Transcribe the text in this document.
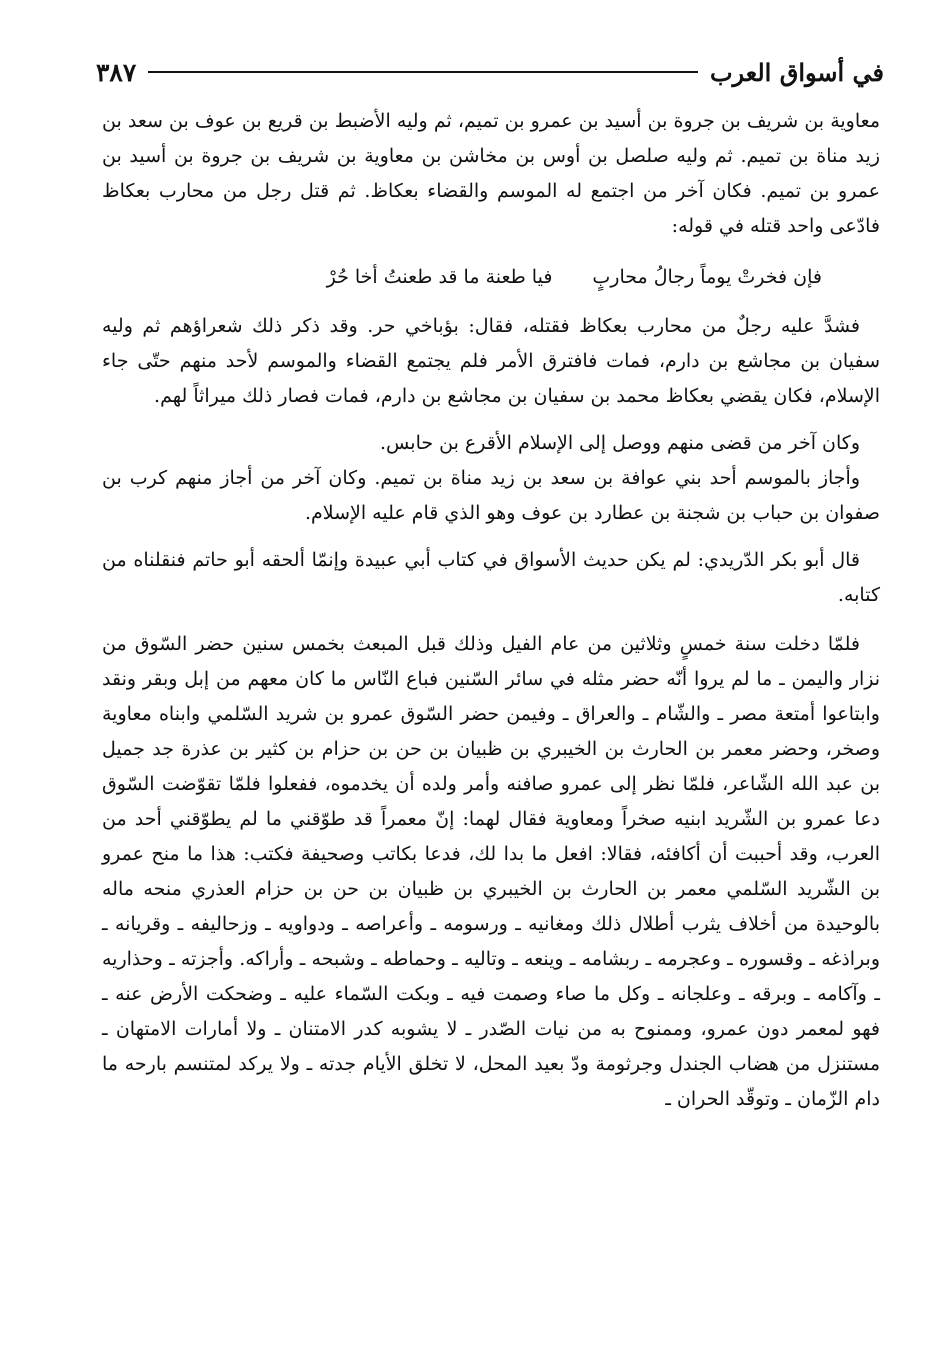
٣٨٧	في أسواق العرب

معاوية بن شريف بن جروة بن أسيد بن عمرو بن تميم، ثم وليه الأضبط بن قريع بن عوف بن سعد بن زيد مناة بن تميم. ثم وليه صلصل بن أوس بن مخاشن بن معاوية بن شريف بن جروة بن أسيد بن عمرو بن تميم. فكان آخر من اجتمع له الموسم والقضاء بعكاظ. ثم قتل رجل من محارب بعكاظ فادّعى واحد قتله في قوله:

فإن فخرتْ يوماً رجالُ محاربٍ
فيا طعنة ما قد طعنتُ أخا حُرْ

فشدَّ عليه رجلٌ من محارب بعكاظ فقتله، فقال: بؤباخي حر. وقد ذكر ذلك شعراؤهم ثم وليه سفيان بن مجاشع بن دارم، فمات فافترق الأمر فلم يجتمع القضاء والموسم لأحد منهم حتّى جاء الإسلام، فكان يقضي بعكاظ محمد بن سفيان بن مجاشع بن دارم، فمات فصار ذلك ميراثاً لهم.

وكان آخر من قضى منهم ووصل إلى الإسلام الأقرع بن حابس.

وأجاز بالموسم أحد بني عوافة بن سعد بن زيد مناة بن تميم. وكان آخر من أجاز منهم كرب بن صفوان بن حباب بن شجنة بن عطارد بن عوف وهو الذي قام عليه الإسلام.

قال أبو بكر الدّريدي: لم يكن حديث الأسواق في كتاب أبي عبيدة وإنمّا ألحقه أبو حاتم فنقلناه من كتابه.

فلمّا دخلت سنة خمسٍ وثلاثين من عام الفيل وذلك قبل المبعث بخمس سنين حضر السّوق من نزار واليمن ـ ما لم يروا أنّه حضر مثله في سائر السّنين فباع النّاس ما كان معهم من إبل وبقر ونقد وابتاعوا أمتعة مصر ـ والشّام ـ والعراق ـ وفيمن حضر السّوق عمرو بن شريد السّلمي وابناه معاوية وصخر، وحضر معمر بن الحارث بن الخيبري بن ظبيان بن حن بن حزام بن كثير بن عذرة جد جميل بن عبد الله الشّاعر، فلمّا نظر إلى عمرو صافنه وأمر ولده أن يخدموه، ففعلوا فلمّا تقوّضت السّوق دعا عمرو بن الشّريد ابنيه صخراً ومعاوية فقال لهما: إنّ معمراً قد طوّقني ما لم يطوّقني أحد من العرب، وقد أحببت أن أكافئه، فقالا: افعل ما بدا لك، فدعا بكاتب وصحيفة فكتب: هذا ما منح عمرو بن الشّريد السّلمي معمر بن الحارث بن الخيبري بن ظبيان بن حن بن حزام العذري منحه ماله بالوحيدة من أخلاف يثرب أطلال ذلك ومغانيه ـ ورسومه ـ وأعراصه ـ ودواويه ـ وزحاليفه ـ وقريانه ـ وبراذغه ـ وقسوره ـ وعجرمه ـ ربشامه ـ وينعه ـ وتاليه ـ وحماطه ـ وشبحه ـ وأراكه. وأجزته ـ وحذاريه ـ وآكامه ـ وبرقه ـ وعلجانه ـ وكل ما صاء وصمت فيه ـ وبكت السّماء عليه ـ وضحكت الأرض عنه ـ فهو لمعمر دون عمرو، وممنوح به من نيات الصّدر ـ لا يشوبه كدر الامتنان ـ ولا أمارات الامتهان ـ مستنزل من هضاب الجندل وجرثومة ودّ بعيد المحل، لا تخلق الأيام جدته ـ ولا يركد لمتنسم بارحه ما دام الزّمان ـ وتوقّد الحران ـ
